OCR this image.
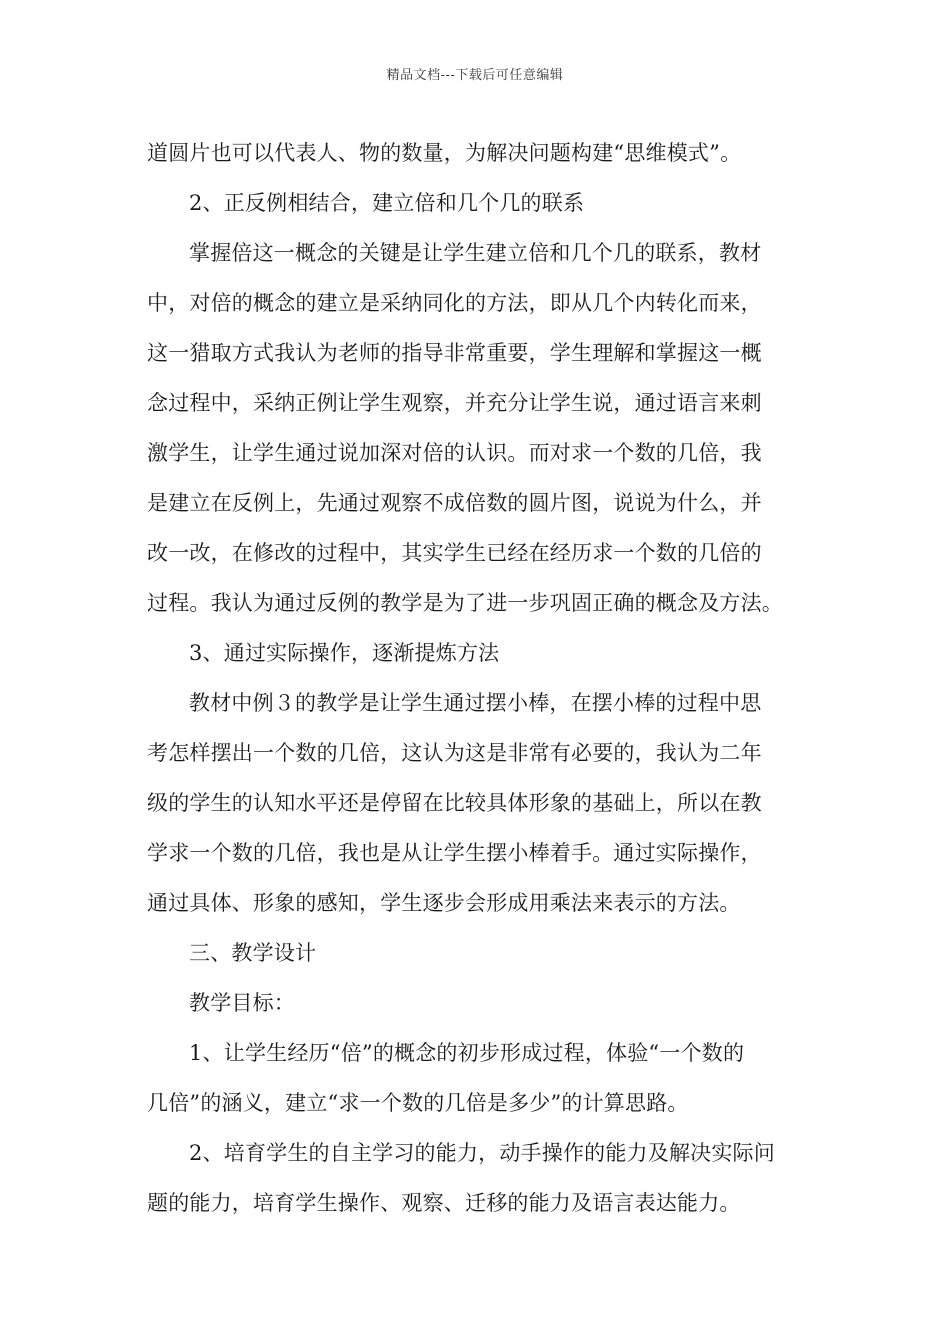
精品文档---下载后可任意编辑
道圆片也可以代表人、物的数量，为解决问题构建“思维模式”。
2、正反例相结合，建立倍和几个几的联系
掌握倍这一概念的关键是让学生建立倍和几个几的联系，教材
中，对倍的概念的建立是采纳同化的方法，即从几个内转化而来，
这一猎取方式我认为老师的指导非常重要，学生理解和掌握这一概
念过程中，采纳正例让学生观察，并充分让学生说，通过语言来刺
激学生，让学生通过说加深对倍的认识。而对求一个数的几倍，我
是建立在反例上，先通过观察不成倍数的圆片图，说说为什么，并
改一改，在修改的过程中，其实学生已经在经历求一个数的几倍的
过程。我认为通过反例的教学是为了进一步巩固正确的概念及方法。
3、通过实际操作，逐渐提炼方法
教材中例３的教学是让学生通过摆小棒，在摆小棒的过程中思
考怎样摆出一个数的几倍，这认为这是非常有必要的，我认为二年
级的学生的认知水平还是停留在比较具体形象的基础上，所以在教
学求一个数的几倍，我也是从让学生摆小棒着手。通过实际操作，
通过具体、形象的感知，学生逐步会形成用乘法来表示的方法。
三、教学设计
教学目标：
1、让学生经历“倍”的概念的初步形成过程，体验“一个数的
几倍”的涵义，建立“求一个数的几倍是多少”的计算思路。
2、培育学生的自主学习的能力，动手操作的能力及解决实际问
题的能力，培育学生操作、观察、迁移的能力及语言表达能力。
